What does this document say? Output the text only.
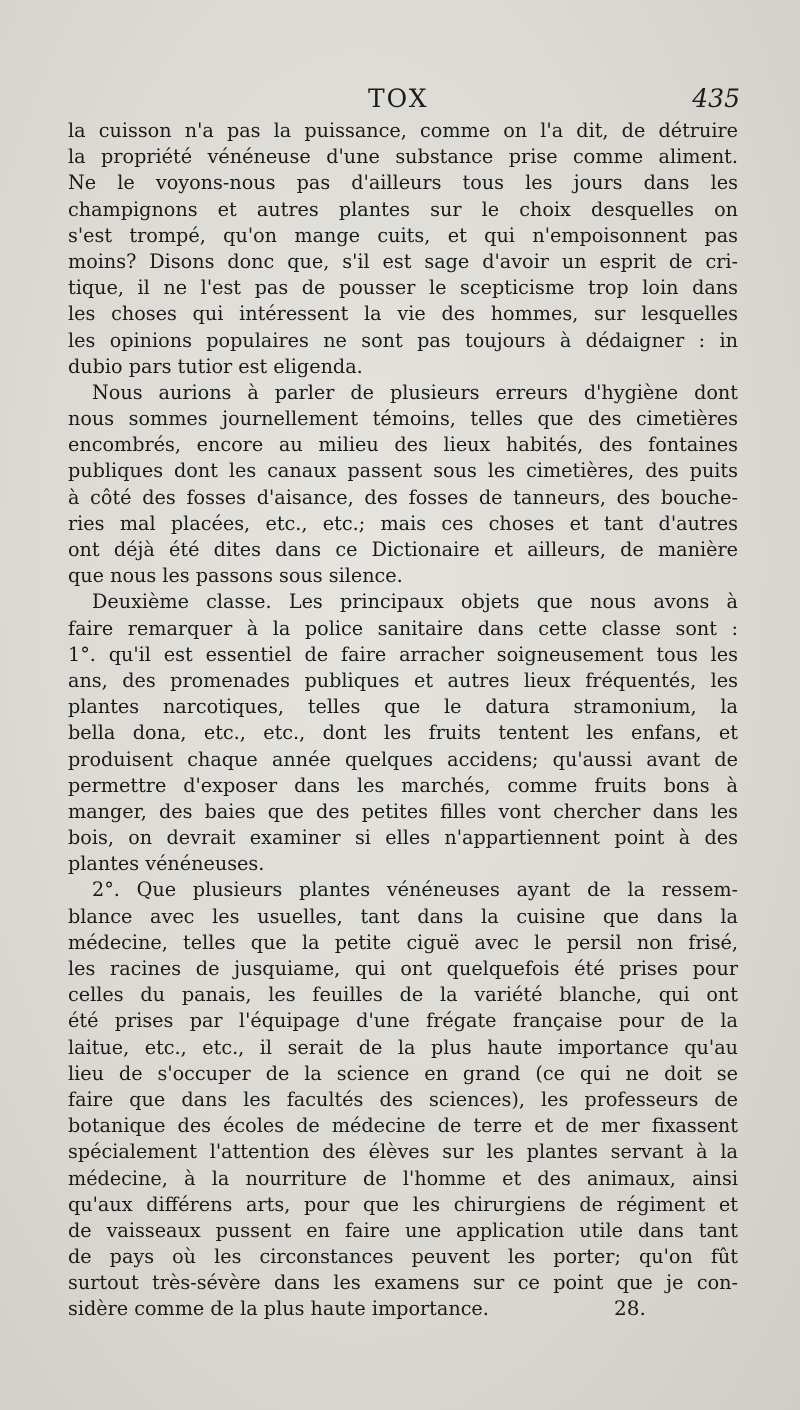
TOX	435
la cuisson n'a pas la puissance, comme on l'a dit, de détruire
la propriété vénéneuse d'une substance prise comme aliment.
Ne le voyons-nous pas d'ailleurs tous les jours dans les
champignons et autres plantes sur le choix desquelles on
s'est trompé, qu'on mange cuits, et qui n'empoisonnent pas
moins? Disons donc que, s'il est sage d'avoir un esprit de cri-
tique, il ne l'est pas de pousser le scepticisme trop loin dans
les choses qui intéressent la vie des hommes, sur lesquelles
les opinions populaires ne sont pas toujours à dédaigner : in
dubio pars tutior est eligenda.
Nous aurions à parler de plusieurs erreurs d'hygiène dont
nous sommes journellement témoins, telles que des cimetières
encombrés, encore au milieu des lieux habités, des fontaines
publiques dont les canaux passent sous les cimetières, des puits
à côté des fosses d'aisance, des fosses de tanneurs, des bouche-
ries mal placées, etc., etc.; mais ces choses et tant d'autres
ont déjà été dites dans ce Dictionaire et ailleurs, de manière
que nous les passons sous silence.
Deuxième classe. Les principaux objets que nous avons à
faire remarquer à la police sanitaire dans cette classe sont :
1°. qu'il est essentiel de faire arracher soigneusement tous les
ans, des promenades publiques et autres lieux fréquentés, les
plantes narcotiques, telles que le datura stramonium, la
bella dona, etc., etc., dont les fruits tentent les enfans, et
produisent chaque année quelques accidens; qu'aussi avant de
permettre d'exposer dans les marchés, comme fruits bons à
manger, des baies que des petites filles vont chercher dans les
bois, on devrait examiner si elles n'appartiennent point à des
plantes vénéneuses.
2°. Que plusieurs plantes vénéneuses ayant de la ressem-
blance avec les usuelles, tant dans la cuisine que dans la
médecine, telles que la petite ciguë avec le persil non frisé,
les racines de jusquiame, qui ont quelquefois été prises pour
celles du panais, les feuilles de la variété blanche, qui ont
été prises par l'équipage d'une frégate française pour de la
laitue, etc., etc., il serait de la plus haute importance qu'au
lieu de s'occuper de la science en grand (ce qui ne doit se
faire que dans les facultés des sciences), les professeurs de
botanique des écoles de médecine de terre et de mer fixassent
spécialement l'attention des élèves sur les plantes servant à la
médecine, à la nourriture de l'homme et des animaux, ainsi
qu'aux différens arts, pour que les chirurgiens de régiment et
de vaisseaux pussent en faire une application utile dans tant
de pays où les circonstances peuvent les porter; qu'on fût
surtout très-sévère dans les examens sur ce point que je con-
sidère comme de la plus haute importance.	28.
